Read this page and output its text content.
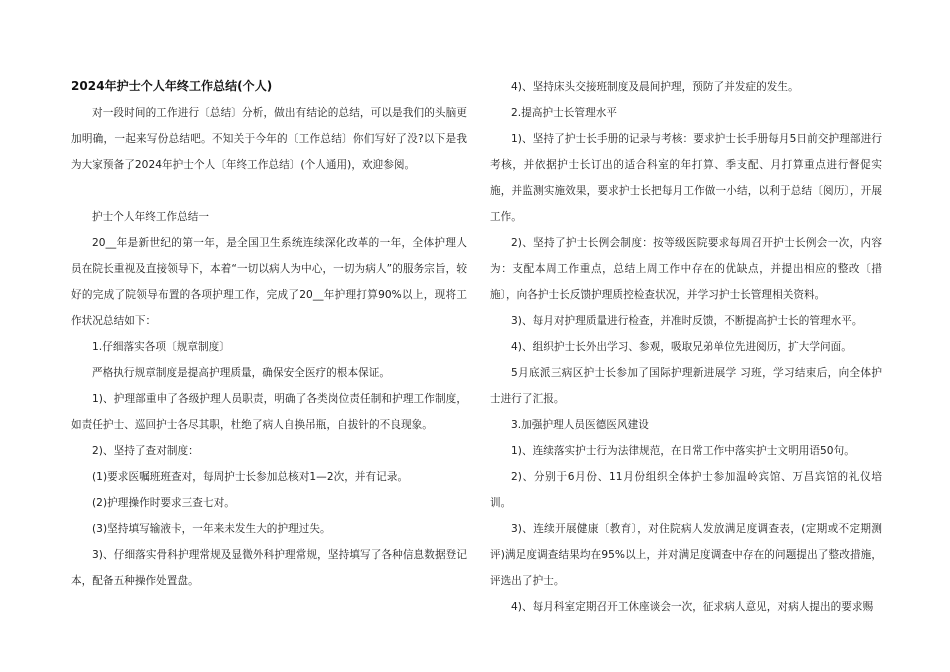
2024年护士个人年终工作总结(个人)

对一段时间的工作进行〔总结〕分析，做出有结论的总结，可以是我们的头脑更加明确，一起来写份总结吧。不知关于今年的〔工作总结〕你们写好了没?以下是我为大家预备了2024年护士个人〔年终工作总结〕(个人通用)，欢迎参阅。

护士个人年终工作总结一

20__年是新世纪的第一年，是全国卫生系统连续深化改革的一年，全体护理人员在院长重视及直接领导下，本着“一切以病人为中心，一切为病人”的服务宗旨，较好的完成了院领导布置的各项护理工作，完成了20__年护理打算90%以上，现将工作状况总结如下：

1.仔细落实各项〔规章制度〕

严格执行规章制度是提高护理质量，确保安全医疗的根本保证。

1)、护理部重申了各级护理人员职责，明确了各类岗位责任制和护理工作制度，如责任护士、巡回护士各尽其职，杜绝了病人自换吊瓶，自拔针的不良现象。

2)、坚持了查对制度：

(1)要求医嘱班班查对，每周护士长参加总核对1—2次，并有记录。

(2)护理操作时要求三查七对。

(3)坚持填写输液卡，一年来未发生大的护理过失。

3)、仔细落实骨科护理常规及显微外科护理常规，坚持填写了各种信息数据登记本，配备五种操作处置盘。

4)、坚持床头交接班制度及晨间护理，预防了并发症的发生。

2.提高护士长管理水平

1)、坚持了护士长手册的记录与考核：要求护士长手册每月5日前交护理部进行考核，并依据护士长订出的适合科室的年打算、季支配、月打算重点进行督促实施，并监测实施效果，要求护士长把每月工作做一小结，以利于总结〔阅历〕，开展工作。

2)、坚持了护士长例会制度：按等级医院要求每周召开护士长例会一次，内容为：支配本周工作重点，总结上周工作中存在的优缺点，并提出相应的整改〔措施〕，向各护士长反馈护理质控检查状况，并学习护士长管理相关资料。

3)、每月对护理质量进行检查，并准时反馈，不断提高护士长的管理水平。

4)、组织护士长外出学习、参观，吸取兄弟单位先进阅历，扩大学问面。

5月底派三病区护士长参加了国际护理新进展学 习班，学习结束后，向全体护士进行了汇报。

3.加强护理人员医德医风建设

1)、连续落实护士行为法律规范，在日常工作中落实护士文明用语50句。

2)、分别于6月份、11月份组织全体护士参加温岭宾馆、万昌宾馆的礼仪培训。

3)、连续开展健康〔教育〕，对住院病人发放满足度调查表，(定期或不定期测评)满足度调查结果均在95%以上，并对满足度调查中存在的问题提出了整改措施，评选出了护士。

4)、每月科室定期召开工休座谈会一次，征求病人意见，对病人提出的要求赐
